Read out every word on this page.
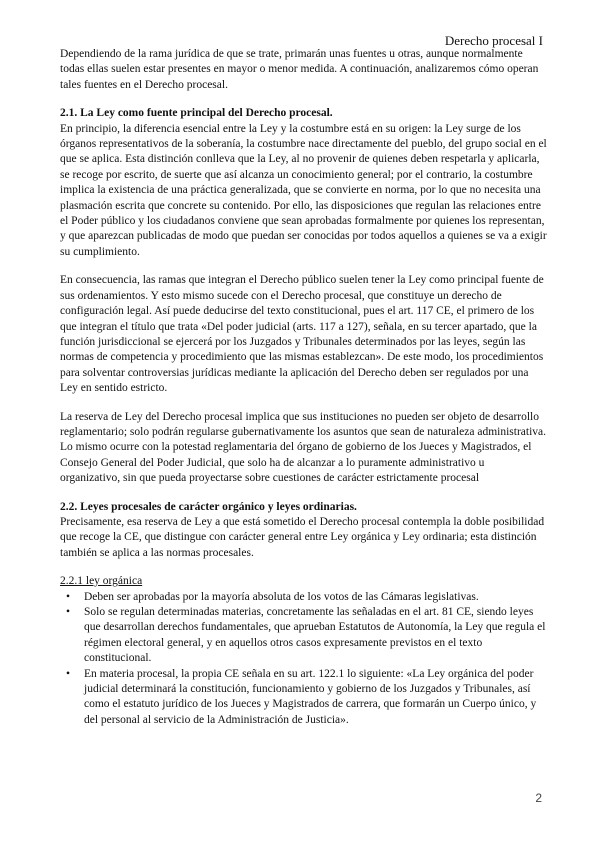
Derecho procesal I

Dependiendo de la rama jurídica de que se trate, primarán unas fuentes u otras, aunque normalmente todas ellas suelen estar presentes en mayor o menor medida. A continuación, analizaremos cómo operan tales fuentes en el Derecho procesal.

2.1. La Ley como fuente principal del Derecho procesal.

En principio, la diferencia esencial entre la Ley y la costumbre está en su origen: la Ley surge de los órganos representativos de la soberanía, la costumbre nace directamente del pueblo, del grupo social en el que se aplica. Esta distinción conlleva que la Ley, al no provenir de quienes deben respetarla y aplicarla, se recoge por escrito, de suerte que así alcanza un conocimiento general; por el contrario, la costumbre implica la existencia de una práctica generalizada, que se convierte en norma, por lo que no necesita una plasmación escrita que concrete su contenido. Por ello, las disposiciones que regulan las relaciones entre el Poder público y los ciudadanos conviene que sean aprobadas formalmente por quienes los representan, y que aparezcan publicadas de modo que puedan ser conocidas por todos aquellos a quienes se va a exigir su cumplimiento.

En consecuencia, las ramas que integran el Derecho público suelen tener la Ley como principal fuente de sus ordenamientos. Y esto mismo sucede con el Derecho procesal, que constituye un derecho de configuración legal. Así puede deducirse del texto constitucional, pues el art. 117 CE, el primero de los que integran el título que trata «Del poder judicial (arts. 117 a 127), señala, en su tercer apartado, que la función jurisdiccional se ejercerá por los Juzgados y Tribunales determinados por las leyes, según las normas de competencia y procedimiento que las mismas establezcan». De este modo, los procedimientos para solventar controversias jurídicas mediante la aplicación del Derecho deben ser regulados por una Ley en sentido estricto.

La reserva de Ley del Derecho procesal implica que sus instituciones no pueden ser objeto de desarrollo reglamentario; solo podrán regularse gubernativamente los asuntos que sean de naturaleza administrativa. Lo mismo ocurre con la potestad reglamentaria del órgano de gobierno de los Jueces y Magistrados, el Consejo General del Poder Judicial, que solo ha de alcanzar a lo puramente administrativo u organizativo, sin que pueda proyectarse sobre cuestiones de carácter estrictamente procesal

2.2. Leyes procesales de carácter orgánico y leyes ordinarias.

Precisamente, esa reserva de Ley a que está sometido el Derecho procesal contempla la doble posibilidad que recoge la CE, que distingue con carácter general entre Ley orgánica y Ley ordinaria; esta distinción también se aplica a las normas procesales.

2.2.1 ley orgánica

• Deben ser aprobadas por la mayoría absoluta de los votos de las Cámaras legislativas.
• Solo se regulan determinadas materias, concretamente las señaladas en el art. 81 CE, siendo leyes que desarrollan derechos fundamentales, que aprueban Estatutos de Autonomía, la Ley que regula el régimen electoral general, y en aquellos otros casos expresamente previstos en el texto constitucional.
• En materia procesal, la propia CE señala en su art. 122.1 lo siguiente: «La Ley orgánica del poder judicial determinará la constitución, funcionamiento y gobierno de los Juzgados y Tribunales, así como el estatuto jurídico de los Jueces y Magistrados de carrera, que formarán un Cuerpo único, y del personal al servicio de la Administración de Justicia».
2
